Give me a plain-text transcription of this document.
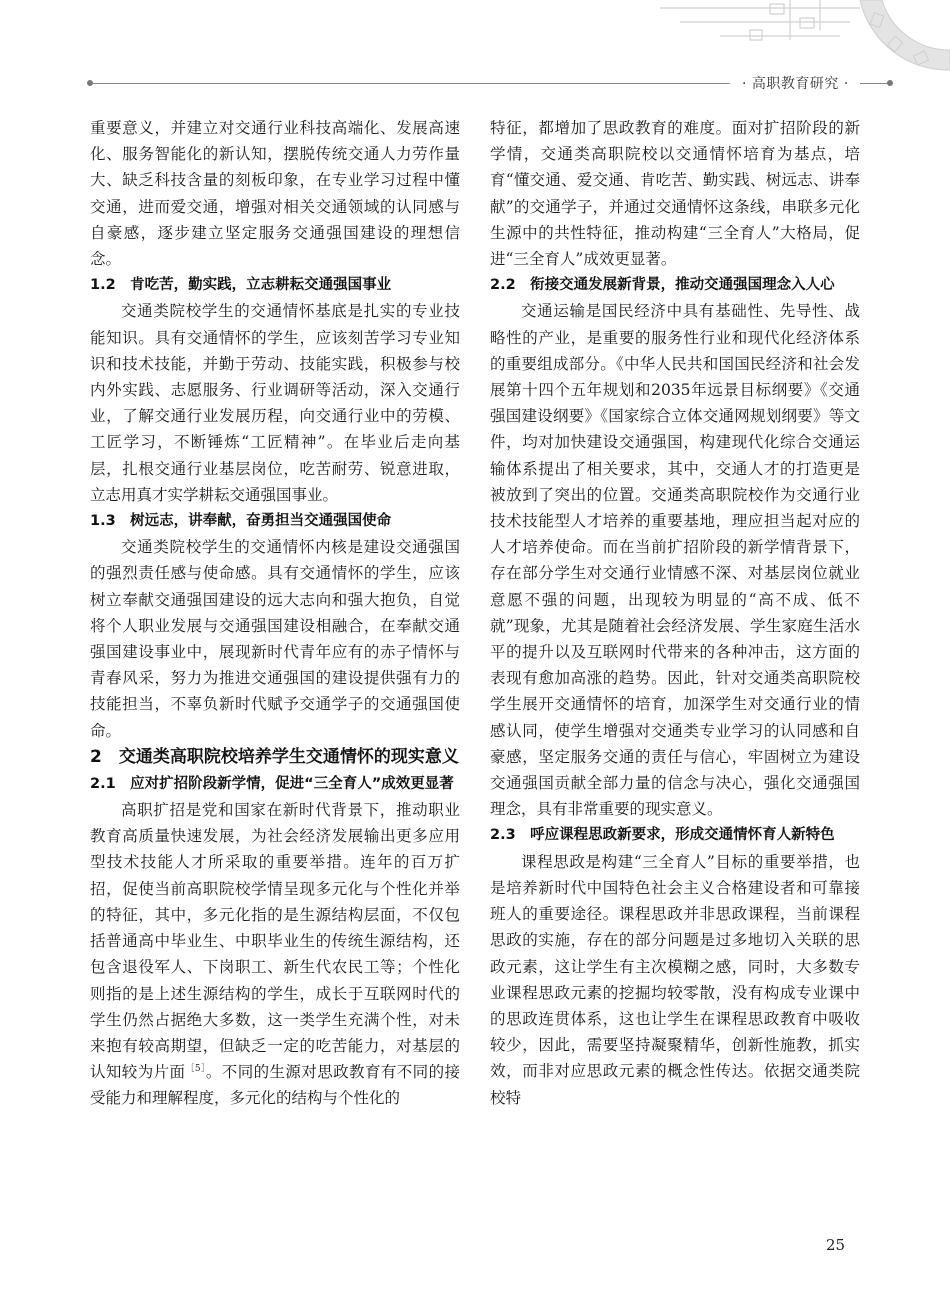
· 高职教育研究 ·

重要意义，并建立对交通行业科技高端化、发展高速化、服务智能化的新认知，摆脱传统交通人力劳作量大、缺乏科技含量的刻板印象，在专业学习过程中懂交通，进而爱交通，增强对相关交通领域的认同感与自豪感，逐步建立坚定服务交通强国建设的理想信念。

1.2　肯吃苦，勤实践，立志耕耘交通强国事业

交通类院校学生的交通情怀基底是扎实的专业技能知识。具有交通情怀的学生，应该刻苦学习专业知识和技术技能，并勤于劳动、技能实践，积极参与校内外实践、志愿服务、行业调研等活动，深入交通行业，了解交通行业发展历程，向交通行业中的劳模、工匠学习，不断锤炼“工匠精神”。在毕业后走向基层，扎根交通行业基层岗位，吃苦耐劳、锐意进取，立志用真才实学耕耘交通强国事业。

1.3　树远志，讲奉献，奋勇担当交通强国使命

交通类院校学生的交通情怀内核是建设交通强国的强烈责任感与使命感。具有交通情怀的学生，应该树立奉献交通强国建设的远大志向和强大抱负，自觉将个人职业发展与交通强国建设相融合，在奉献交通强国建设事业中，展现新时代青年应有的赤子情怀与青春风采，努力为推进交通强国的建设提供强有力的技能担当，不辜负新时代赋予交通学子的交通强国使命。

2　交通类高职院校培养学生交通情怀的现实意义

2.1　应对扩招阶段新学情，促进“三全育人”成效更显著

高职扩招是党和国家在新时代背景下，推动职业教育高质量快速发展，为社会经济发展输出更多应用型技术技能人才所采取的重要举措。连年的百万扩招，促使当前高职院校学情呈现多元化与个性化并举的特征，其中，多元化指的是生源结构层面，不仅包括普通高中毕业生、中职毕业生的传统生源结构，还包含退役军人、下岗职工、新生代农民工等；个性化则指的是上述生源结构的学生，成长于互联网时代的学生仍然占据绝大多数，这一类学生充满个性，对未来抱有较高期望，但缺乏一定的吃苦能力，对基层的认知较为片面$^{[5]}$。不同的生源对思政教育有不同的接受能力和理解程度，多元化的结构与个性化的

特征，都增加了思政教育的难度。面对扩招阶段的新学情，交通类高职院校以交通情怀培育为基点，培育“懂交通、爱交通、肯吃苦、勤实践、树远志、讲奉献”的交通学子，并通过交通情怀这条线，串联多元化生源中的共性特征，推动构建“三全育人”大格局，促进“三全育人”成效更显著。

2.2　衔接交通发展新背景，推动交通强国理念入人心

交通运输是国民经济中具有基础性、先导性、战略性的产业，是重要的服务性行业和现代化经济体系的重要组成部分。《中华人民共和国国民经济和社会发展第十四个五年规划和2035年远景目标纲要》《交通强国建设纲要》《国家综合立体交通网规划纲要》等文件，均对加快建设交通强国，构建现代化综合交通运输体系提出了相关要求，其中，交通人才的打造更是被放到了突出的位置。交通类高职院校作为交通行业技术技能型人才培养的重要基地，理应担当起对应的人才培养使命。而在当前扩招阶段的新学情背景下，存在部分学生对交通行业情感不深、对基层岗位就业意愿不强的问题，出现较为明显的“高不成、低不就”现象，尤其是随着社会经济发展、学生家庭生活水平的提升以及互联网时代带来的各种冲击，这方面的表现有愈加高涨的趋势。因此，针对交通类高职院校学生展开交通情怀的培育，加深学生对交通行业的情感认同，使学生增强对交通类专业学习的认同感和自豪感，坚定服务交通的责任与信心，牢固树立为建设交通强国贡献全部力量的信念与决心，强化交通强国理念，具有非常重要的现实意义。

2.3　呼应课程思政新要求，形成交通情怀育人新特色

课程思政是构建“三全育人”目标的重要举措，也是培养新时代中国特色社会主义合格建设者和可靠接班人的重要途径。课程思政并非思政课程，当前课程思政的实施，存在的部分问题是过多地切入关联的思政元素，这让学生有主次模糊之感，同时，大多数专业课程思政元素的挖掘均较零散，没有构成专业课中的思政连贯体系，这也让学生在课程思政教育中吸收较少，因此，需要坚持凝聚精华，创新性施教，抓实效，而非对应思政元素的概念性传达。依据交通类院校特

25
